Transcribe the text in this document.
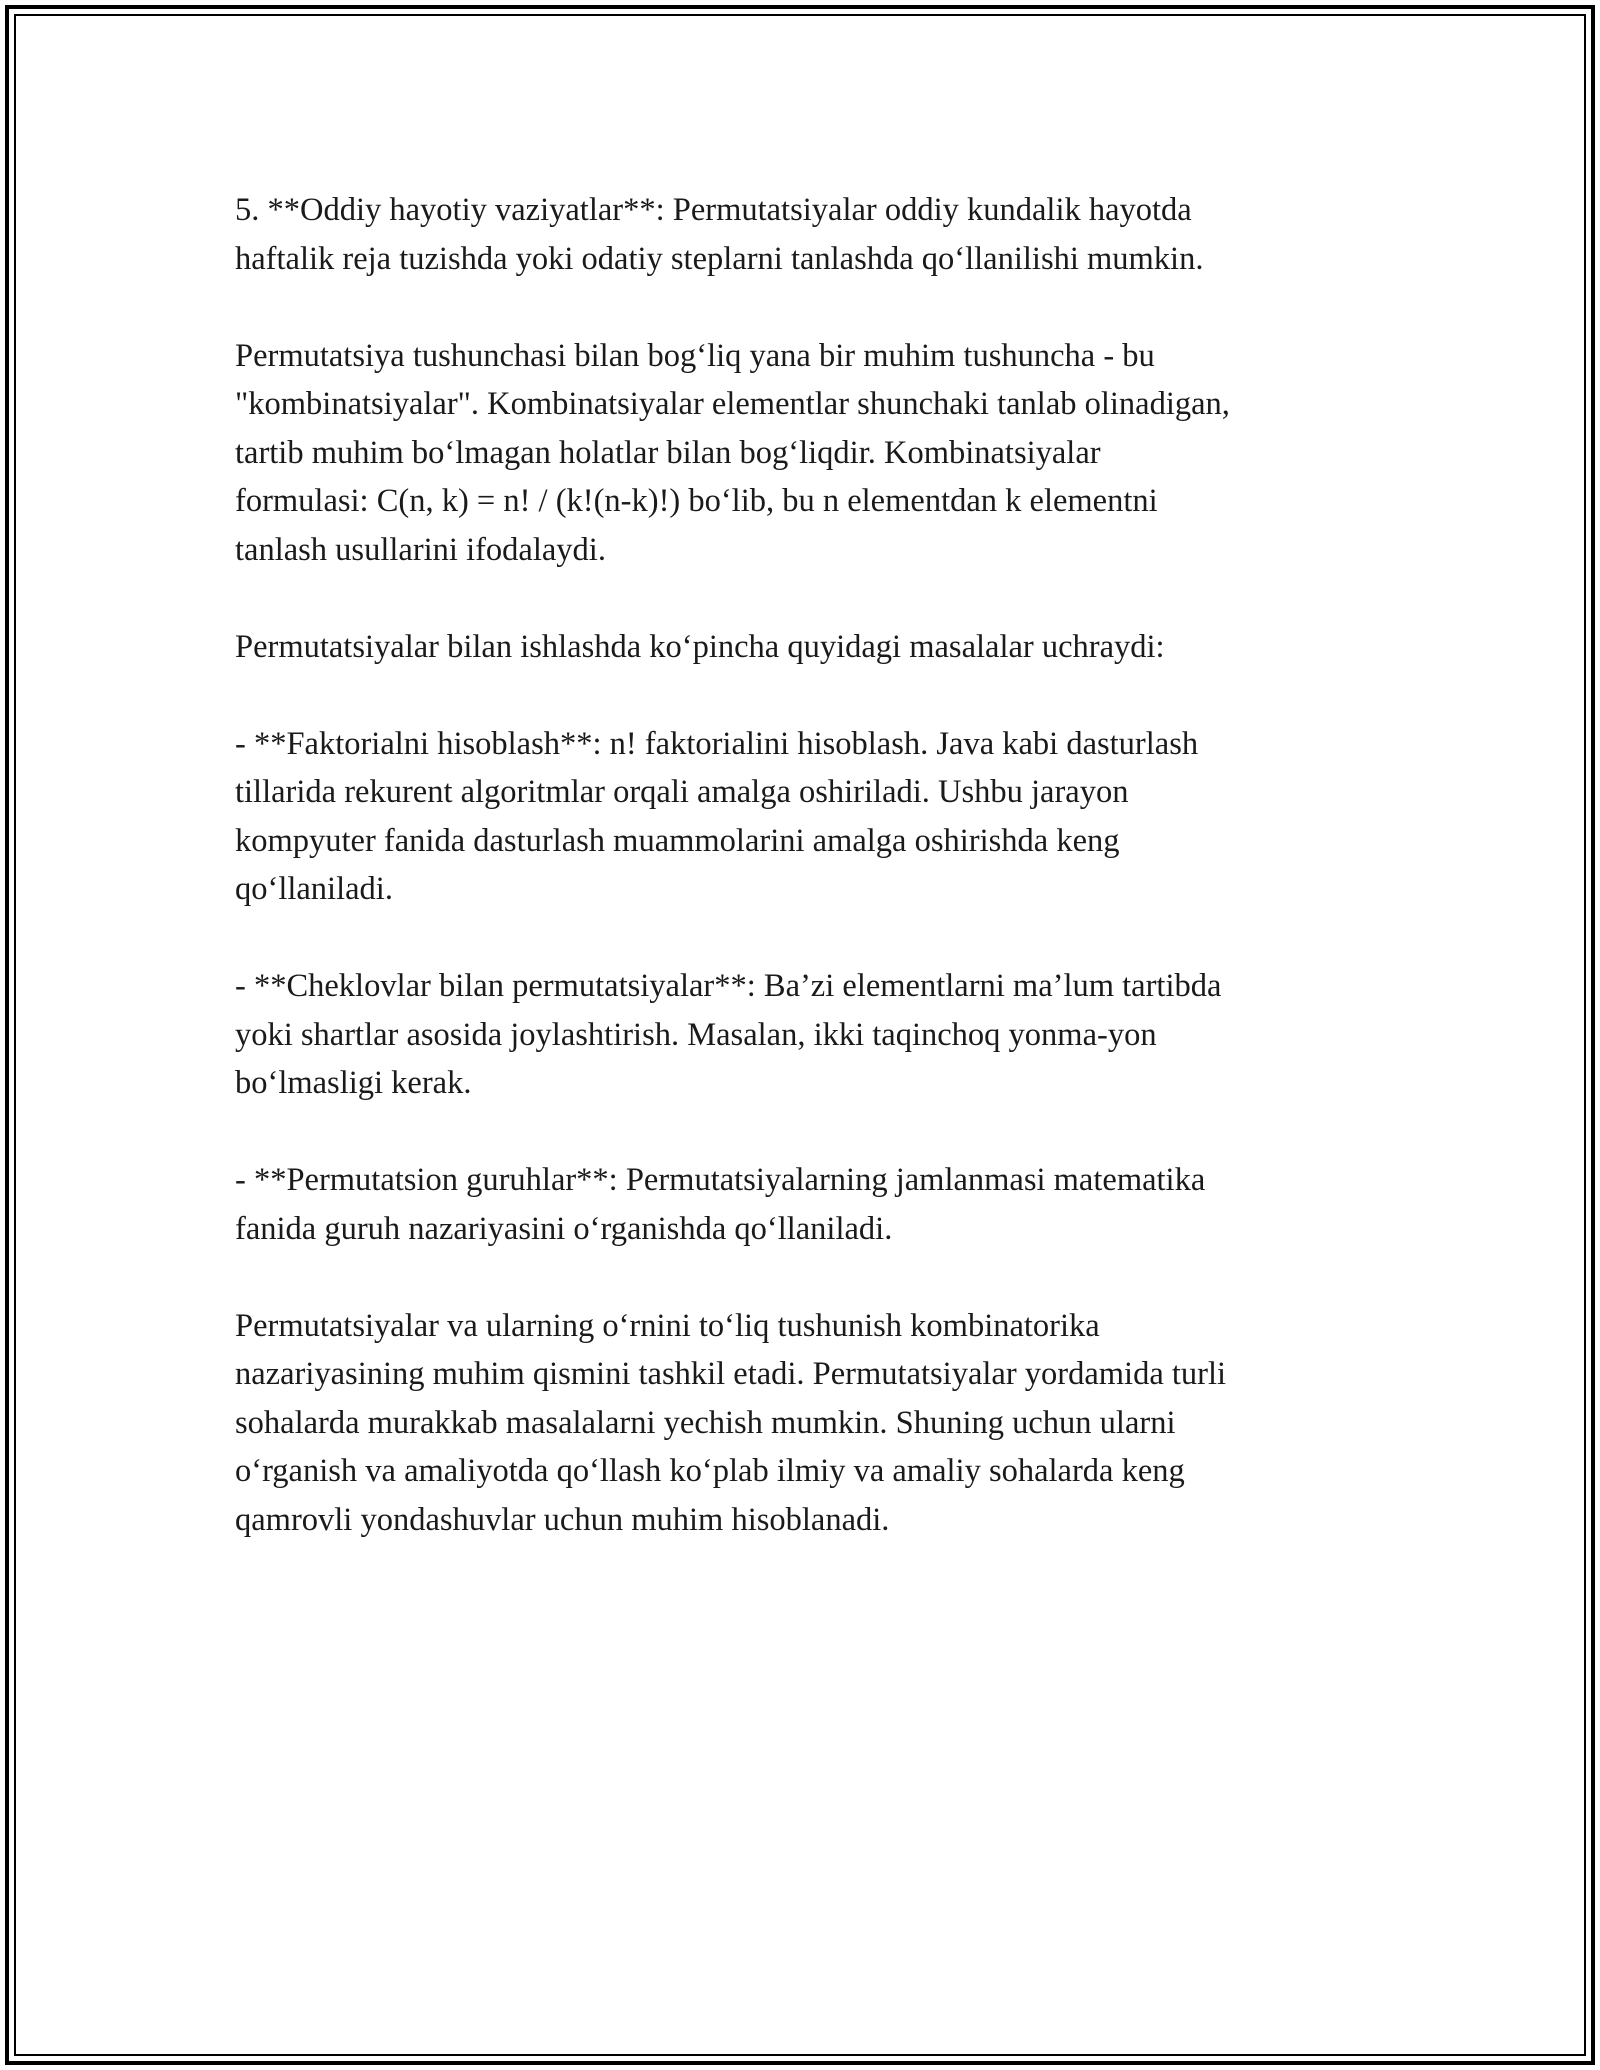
5. **Oddiy hayotiy vaziyatlar**: Permutatsiyalar oddiy kundalik hayotda
haftalik reja tuzishda yoki odatiy steplarni tanlashda qo‘llanilishi mumkin.

Permutatsiya tushunchasi bilan bog‘liq yana bir muhim tushuncha - bu
"kombinatsiyalar". Kombinatsiyalar elementlar shunchaki tanlab olinadigan,
tartib muhim bo‘lmagan holatlar bilan bog‘liqdir. Kombinatsiyalar
formulasi: C(n, k) = n! / (k!(n-k)!) bo‘lib, bu n elementdan k elementni
tanlash usullarini ifodalaydi.

Permutatsiyalar bilan ishlashda ko‘pincha quyidagi masalalar uchraydi:

- **Faktorialni hisoblash**: n! faktorialini hisoblash. Java kabi dasturlash
tillarida rekurent algoritmlar orqali amalga oshiriladi. Ushbu jarayon
kompyuter fanida dasturlash muammolarini amalga oshirishda keng
qo‘llaniladi.

- **Cheklovlar bilan permutatsiyalar**: Ba’zi elementlarni ma’lum tartibda
yoki shartlar asosida joylashtirish. Masalan, ikki taqinchoq yonma-yon
bo‘lmasligi kerak.

- **Permutatsion guruhlar**: Permutatsiyalarning jamlanmasi matematika
fanida guruh nazariyasini o‘rganishda qo‘llaniladi.

Permutatsiyalar va ularning o‘rnini to‘liq tushunish kombinatorika
nazariyasining muhim qismini tashkil etadi. Permutatsiyalar yordamida turli
sohalarda murakkab masalalarni yechish mumkin. Shuning uchun ularni
o‘rganish va amaliyotda qo‘llash ko‘plab ilmiy va amaliy sohalarda keng
qamrovli yondashuvlar uchun muhim hisoblanadi.
